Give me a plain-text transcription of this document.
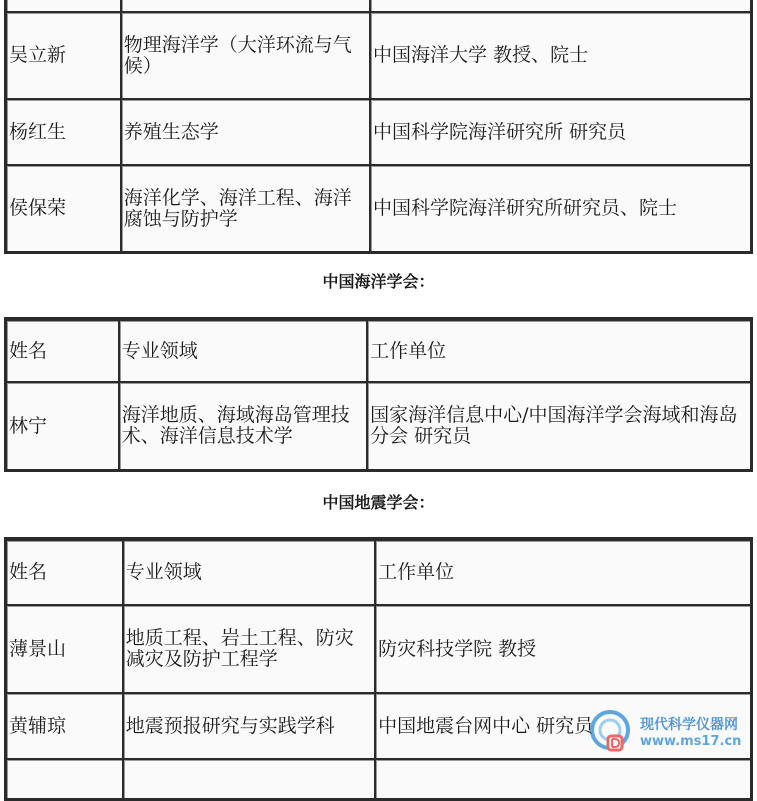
吴立新	物理海洋学（大洋环流与气候）	中国海洋大学 教授、院士
杨红生	养殖生态学	中国科学院海洋研究所 研究员
侯保荣	海洋化学、海洋工程、海洋腐蚀与防护学	中国科学院海洋研究所研究员、院士
中国海洋学会：
姓名	专业领域	工作单位
林宁	海洋地质、海域海岛管理技术、海洋信息技术学	国家海洋信息中心/中国海洋学会海域和海岛分会 研究员
中国地震学会：
姓名	专业领域	工作单位
薄景山	地质工程、岩土工程、防灾减灾及防护工程学	防灾科技学院 教授
黄辅琼	地震预报研究与实践学科	中国地震台网中心 研究员
			现代科学仪器网
www.ms17.cn
